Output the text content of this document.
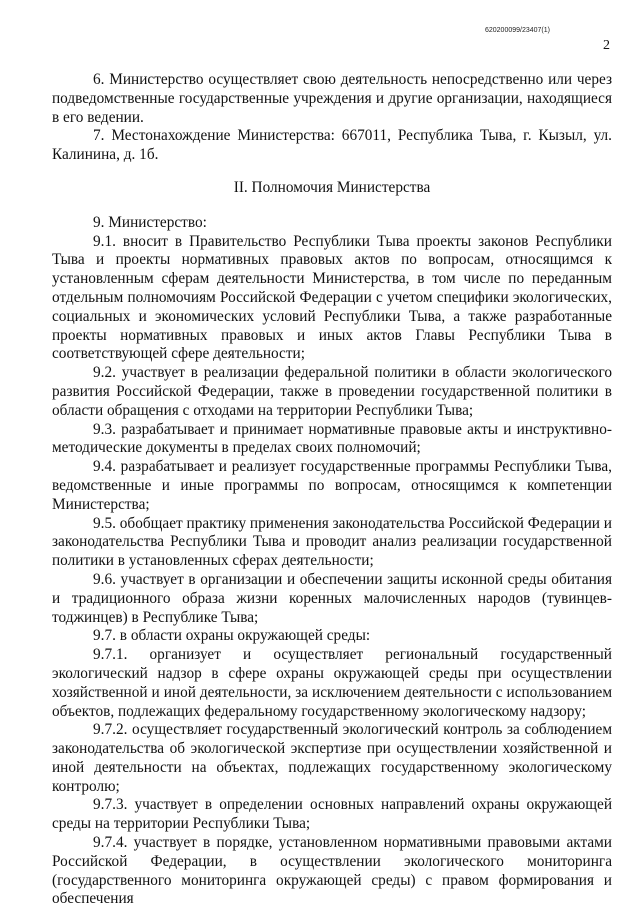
620200099/23407(1)
2

6. Министерство осуществляет свою деятельность непосредственно или через подведомственные государственные учреждения и другие организации, находящиеся в его ведении.

7. Местонахождение Министерства: 667011, Республика Тыва, г. Кызыл, ул. Калинина, д. 1б.

II. Полномочия Министерства

9. Министерство:

9.1. вносит в Правительство Республики Тыва проекты законов Республики Тыва и проекты нормативных правовых актов по вопросам, относящимся к установленным сферам деятельности Министерства, в том числе по переданным отдельным полномочиям Российской Федерации с учетом специфики экологических, социальных и экономических условий Республики Тыва, а также разработанные проекты нормативных правовых и иных актов Главы Республики Тыва в соответствующей сфере деятельности;

9.2. участвует в реализации федеральной политики в области экологического развития Российской Федерации, также в проведении государственной политики в области обращения с отходами на территории Республики Тыва;

9.3. разрабатывает и принимает нормативные правовые акты и инструктивно-методические документы в пределах своих полномочий;

9.4. разрабатывает и реализует государственные программы Республики Тыва, ведомственные и иные программы по вопросам, относящимся к компетенции Министерства;

9.5. обобщает практику применения законодательства Российской Федерации и законодательства Республики Тыва и проводит анализ реализации государственной политики в установленных сферах деятельности;

9.6. участвует в организации и обеспечении защиты исконной среды обитания и традиционного образа жизни коренных малочисленных народов (тувинцев-тоджинцев) в Республике Тыва;

9.7. в области охраны окружающей среды:

9.7.1. организует и осуществляет региональный государственный экологический надзор в сфере охраны окружающей среды при осуществлении хозяйственной и иной деятельности, за исключением деятельности с использованием объектов, подлежащих федеральному государственному экологическому надзору;

9.7.2. осуществляет государственный экологический контроль за соблюдением законодательства об экологической экспертизе при осуществлении хозяйственной и иной деятельности на объектах, подлежащих государственному экологическому контролю;

9.7.3. участвует в определении основных направлений охраны окружающей среды на территории Республики Тыва;

9.7.4. участвует в порядке, установленном нормативными правовыми актами Российской Федерации, в осуществлении экологического мониторинга (государственного мониторинга окружающей среды) с правом формирования и обеспечения
